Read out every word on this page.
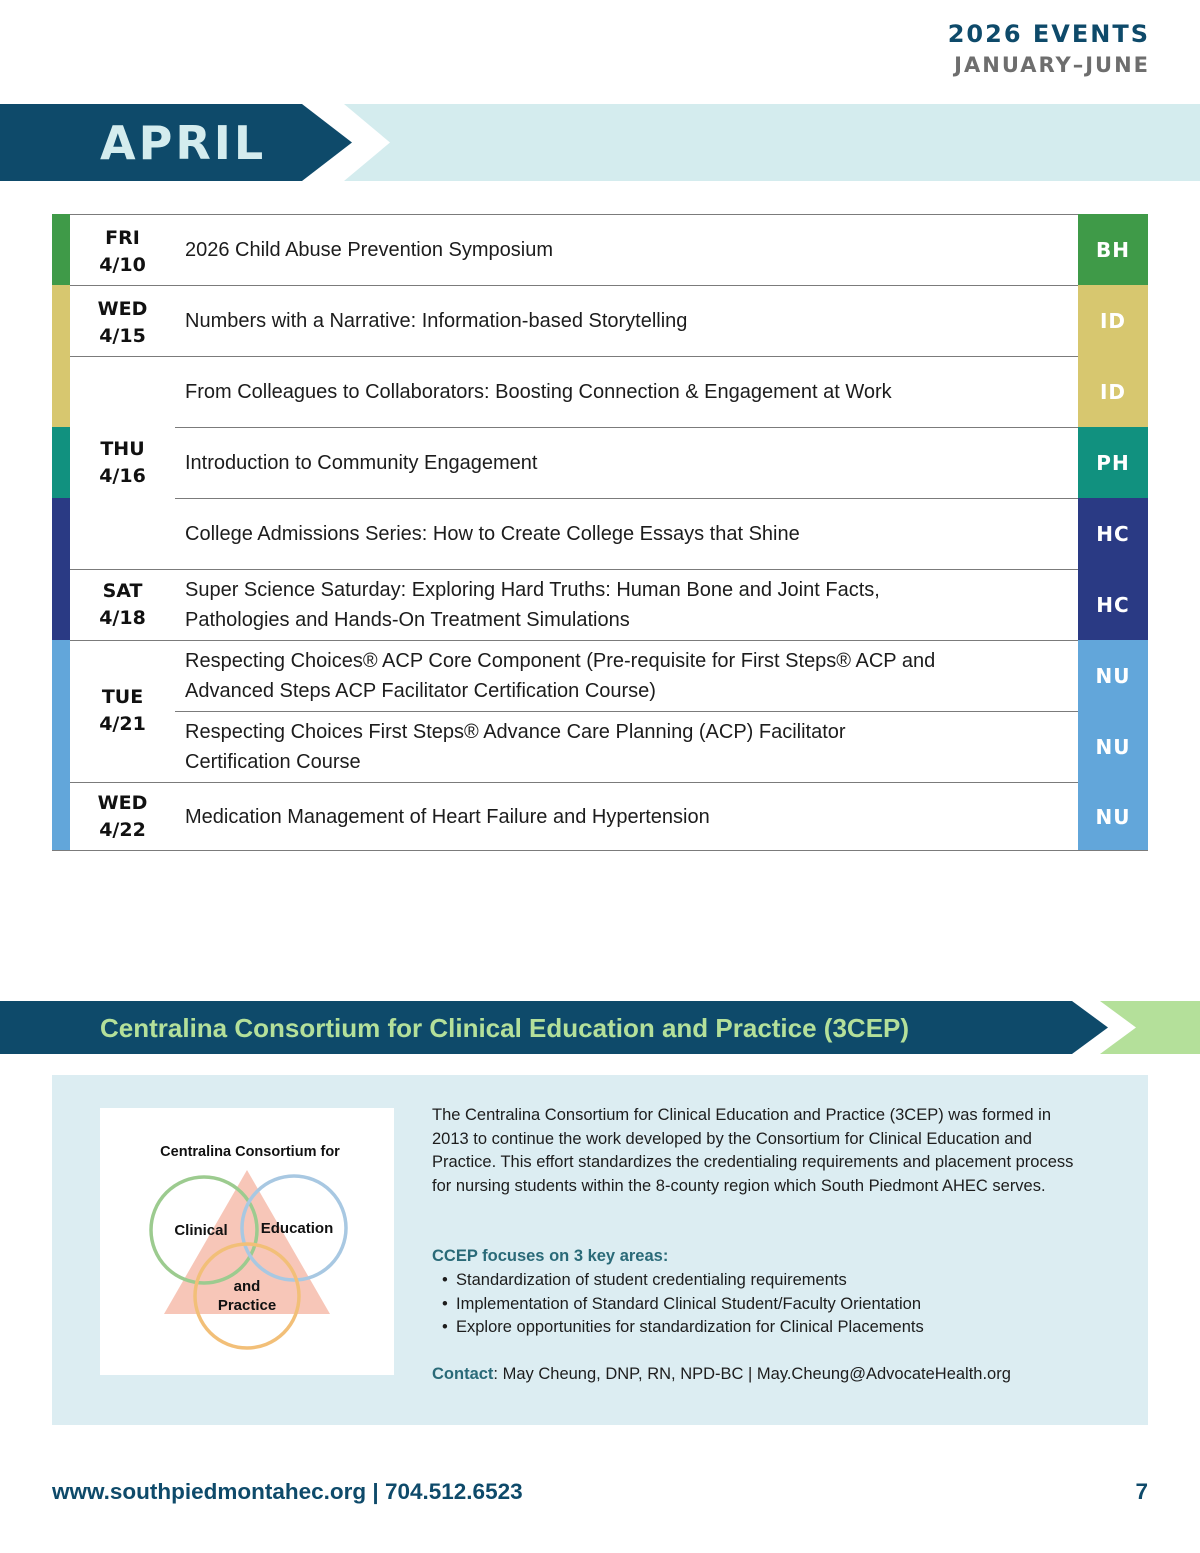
2026 EVENTS
JANUARY–JUNE
APRIL
FRI
4/10
WED
4/15
THU
4/16
SAT
4/18
TUE
4/21
WED
4/22
2026 Child Abuse Prevention Symposium
Numbers with a Narrative: Information-based Storytelling
From Colleagues to Collaborators: Boosting Connection & Engagement at Work
Introduction to Community Engagement
College Admissions Series: How to Create College Essays that Shine
Super Science Saturday: Exploring Hard Truths: Human Bone and Joint Facts, Pathologies and Hands-On Treatment Simulations
Respecting Choices® ACP Core Component (Pre-requisite for First Steps® ACP and Advanced Steps ACP Facilitator Certification Course)
Respecting Choices First Steps® Advance Care Planning (ACP) Facilitator Certification Course
Medication Management of Heart Failure and Hypertension
BH
ID
ID
PH
HC
HC
NU
NU
NU
Centralina Consortium for Clinical Education and Practice (3CEP)
Clinical Education
and
Practice
Centralina Consortium for
The Centralina Consortium for Clinical Education and Practice (3CEP) was formed in 2013 to continue the work developed by the Consortium for Clinical Education and Practice. This effort standardizes the credentialing requirements and placement process for nursing students within the 8-county region which South Piedmont AHEC serves.
CCEP focuses on 3 key areas:
• Standardization of student credentialing requirements
• Implementation of Standard Clinical Student/Faculty Orientation
• Explore opportunities for standardization for Clinical Placements
Contact: May Cheung, DNP, RN, NPD-BC | May.Cheung@AdvocateHealth.org
www.southpiedmontahec.org | 704.512.6523	7
